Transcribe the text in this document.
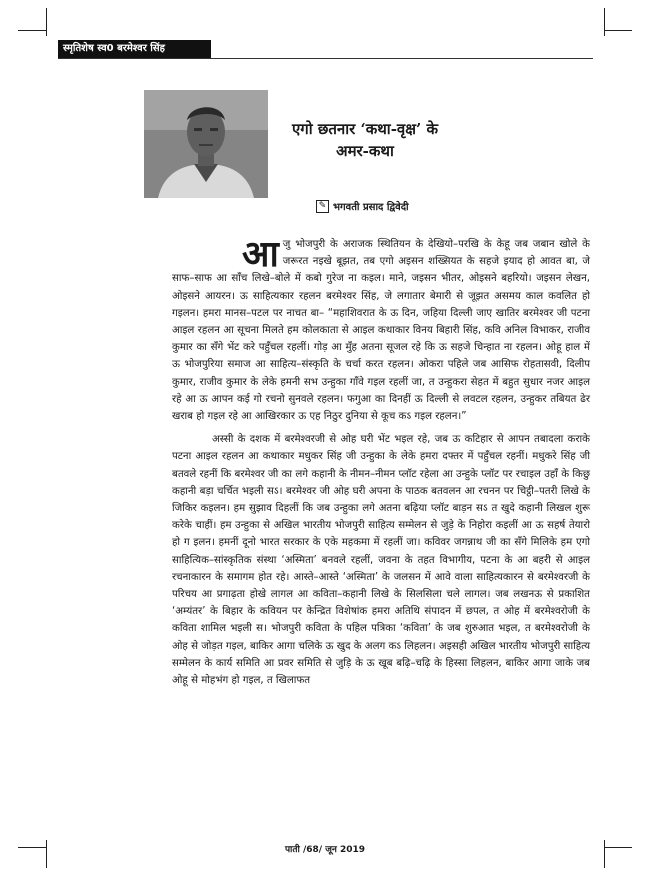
स्मृतिशेष स्व0 बरमेश्वर सिंह
एगो छतनार ‘कथा-वृक्ष’ के
अमर-कथा
✎ भगवती प्रसाद द्विवेदी

आजु भोजपुरी के अराजक स्थितियन के देखियो–परखि के केहू जब जबान खोले के जरूरत नइखे बूझत, तब एगो अइसन शख्सियत के सहजे इयाद हो आवत बा, जे साफ–साफ आ साँच लिखे–बोले में कबो गुरेज ना कइल। माने, जइसन भीतर, ओइसने बहरियो। जइसन लेखन, ओइसने आयरन। ऊ साहित्यकार रहलन बरमेश्वर सिंह, जे लगातार बेमारी से जूझत असमय काल कवलित हो गइलन। हमरा मानस–पटल पर नाचत बा– “महाशिवरात के ऊ दिन, जहिया दिल्ली जाए खातिर बरमेश्वर जी पटना आइल रहलन आ सूचना मिलते हम कोलकाता से आइल कथाकार विनय बिहारी सिंह, कवि अनिल विभाकर, राजीव कुमार का सँगे भेंट करे पहुँचल रहलीं। गोड़ आ मुँह अतना सूजल रहे कि ऊ सहजे चिन्हात ना रहलन। ओहू हाल में ऊ भोजपुरिया समाज आ साहित्य–संस्कृति के चर्चा करत रहलन। ओकरा पहिले जब आसिफ रोहतासवी, दिलीप कुमार, राजीव कुमार के लेके हमनी सभ उन्हुका गाँवे गइल रहलीं जा, त उन्हुकरा सेहत में बहुत सुधार नजर आइल रहे आ ऊ आपन कई गो रचनो सुनवले रहलन। फगुआ का दिनहीं ऊ दिल्ली से लवटल रहलन, उन्हुकर तबियत ढेर खराब हो गइल रहे आ आखिरकार ऊ एह निठुर दुनिया से कूच कऽ गइल रहलन।”

अस्सी के दशक में बरमेश्वरजी से ओह घरी भेंट भइल रहे, जब ऊ कटिहार से आपन तबादला कराके पटना आइल रहलन आ कथाकार मधुकर सिंह जी उन्हुका के लेके हमरा दफ्तर में पहुँचल रहनीं। मधुकरे सिंह जी बतवले रहनीं कि बरमेश्वर जी का लगे कहानी के नीमन–नीमन प्लॉट रहेला आ उन्हुके प्लॉट पर रचाइल उहाँ के किछु कहानी बड़ा चर्चित भइली सऽ। बरमेश्वर जी ओह घरी अपना के पाठक बतवलन आ रचनन पर चिट्ठी–पतरी लिखे के जिकिर कइलन। हम सुझाव दिहलीं कि जब उन्हुका लगे अतना बढ़िया प्लॉट बाड़न सऽ त खुदे कहानी लिखल शुरू करेके चाहीं। हम उन्हुका से अखिल भारतीय भोजपुरी साहित्य सम्मेलन से जुड़े के निहोरा कइलीं आ ऊ सहर्ष तेयारो हो ग इलन। हमनीं दूनो भारत सरकार के एके महकमा में रहलीं जा। कविवर जगन्नाथ जी का सँगे मिलिके हम एगो साहित्यिक–सांस्कृतिक संस्था ‘अस्मिता’ बनवले रहलीं, जवना के तहत विभागीय, पटना के आ बहरी से आइल रचनाकारन के समागम होत रहे। आस्ते–आस्ते ‘अस्मिता’ के जलसन में आवे वाला साहित्यकारन से बरमेश्वरजी के परिचय आ प्रगाढ़ता होखे लागल आ कविता–कहानी लिखे के सिलसिला चले लागल। जब लखनऊ से प्रकाशित ‘अम्यंतर’ के बिहार के कवियन पर केन्द्रित विशेषांक हमरा अतिथि संपादन में छपल, त ओह में बरमेश्वरोजी के कविता शामिल भइली स। भोजपुरी कविता के पहिल पत्रिका ‘कविता’ के जब शुरुआत भइल, त बरमेश्वरोजी के ओह से जोड़त गइल, बाकिर आगा चलिके ऊ खुद के अलग कऽ लिहलन। अइसही अखिल भारतीय भोजपुरी साहित्य सम्मेलन के कार्य समिति आ प्रवर समिति से जुड़ि के ऊ खूब बढ़ि–चढ़ि के हिस्सा लिहलन, बाकिर आगा जाके जब ओहू से मोहभंग हो गइल, त खिलाफत

पाती /68/ जून 2019
